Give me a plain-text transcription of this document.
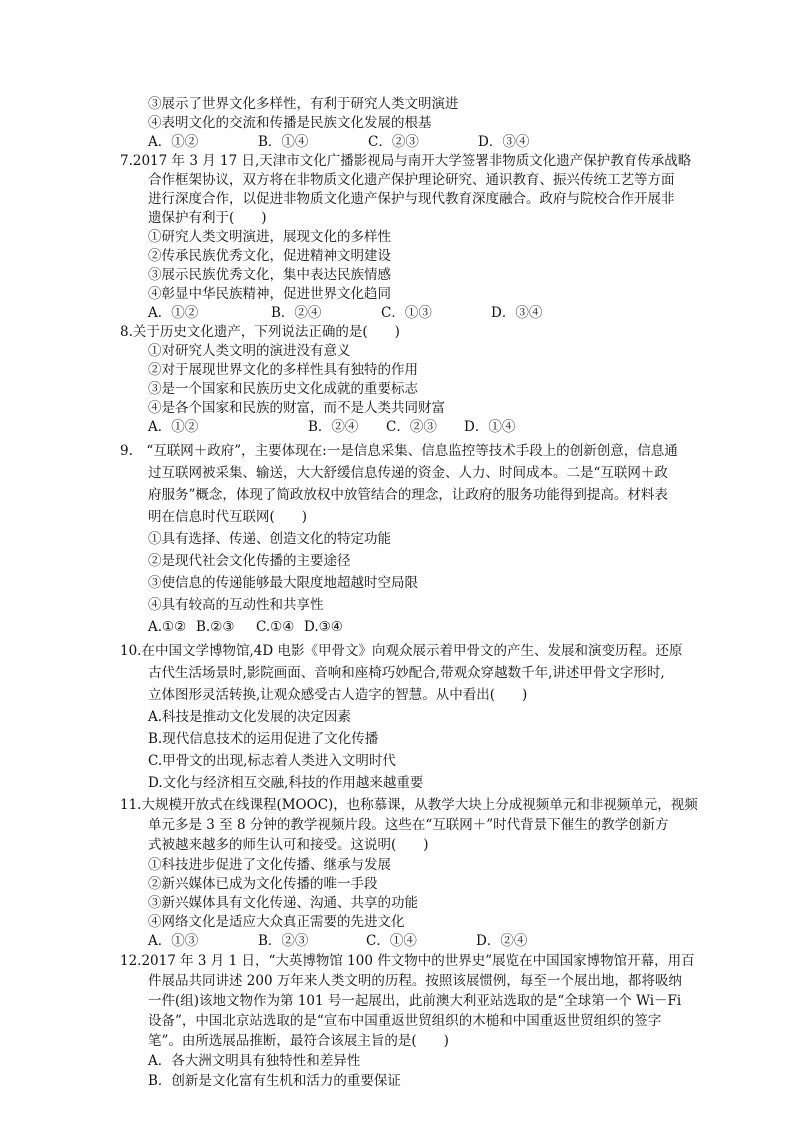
③展示了世界文化多样性，有利于研究人类文明演进
④表明文化的交流和传播是民族文化发展的根基
A．①②	B．①④	C．②③	D．③④
7.2017 年 3 月 17 日,天津市文化广播影视局与南开大学签署非物质文化遗产保护教育传承战略
合作框架协议，双方将在非物质文化遗产保护理论研究、通识教育、振兴传统工艺等方面
进行深度合作，以促进非物质文化遗产保护与现代教育深度融合。政府与院校合作开展非
遗保护有利于(　　)
①研究人类文明演进，展现文化的多样性
②传承民族优秀文化，促进精神文明建设
③展示民族优秀文化，集中表达民族情感
④彰显中华民族精神，促进世界文化趋同
A．①②	B．②④	C．①③	D．③④
8.关于历史文化遗产，下列说法正确的是(　　)
①对研究人类文明的演进没有意义
②对于展现世界文化的多样性具有独特的作用
③是一个国家和民族历史文化成就的重要标志
④是各个国家和民族的财富，而不是人类共同财富
A．①②	B．②④ C．②③ D．①④
9.　“互联网＋政府”，主要体现在:一是信息采集、信息监控等技术手段上的创新创意，信息通
过互联网被采集、输送，大大舒缓信息传递的资金、人力、时间成本。二是“互联网＋政
府服务”概念，体现了简政放权中放管结合的理念，让政府的服务功能得到提高。材料表
明在信息时代互联网(　　)
①具有选择、传递、创造文化的特定功能
②是现代社会文化传播的主要途径
③使信息的传递能够最大限度地超越时空局限
④具有较高的互动性和共享性
A.①② B.②③ C.①④ D.③④
10.在中国文学博物馆,4D 电影《甲骨文》向观众展示着甲骨文的产生、发展和演变历程。还原
古代生活场景时,影院画面、音响和座椅巧妙配合,带观众穿越数千年,讲述甲骨文字形时,
立体图形灵活转换,让观众感受古人造字的智慧。从中看出(　　)
A.科技是推动文化发展的决定因素
B.现代信息技术的运用促进了文化传播
C.甲骨文的出现,标志着人类进入文明时代
D.文化与经济相互交融,科技的作用越来越重要
11.大规模开放式在线课程(MOOC)，也称慕课，从教学大块上分成视频单元和非视频单元，视频
单元多是 3 至 8 分钟的教学视频片段。这些在“互联网＋”时代背景下催生的教学创新方
式被越来越多的师生认可和接受。这说明(　　)
①科技进步促进了文化传播、继承与发展
②新兴媒体已成为文化传播的唯一手段
③新兴媒体具有文化传递、沟通、共享的功能
④网络文化是适应大众真正需要的先进文化
A．①③	B．②③	C．①④	D．②④
12.2017 年 3 月 1 日，“大英博物馆 100 件文物中的世界史”展览在中国国家博物馆开幕，用百
件展品共同讲述 200 万年来人类文明的历程。按照该展惯例，每至一个展出地，都将吸纳
一件(组)该地文物作为第 101 号一起展出，此前澳大利亚站选取的是“全球第一个 Wi－Fi
设备”，中国北京站选取的是“宣布中国重返世贸组织的木槌和中国重返世贸组织的签字
笔”。由所选展品推断，最符合该展主旨的是(　　)
A．各大洲文明具有独特性和差异性
B．创新是文化富有生机和活力的重要保证
